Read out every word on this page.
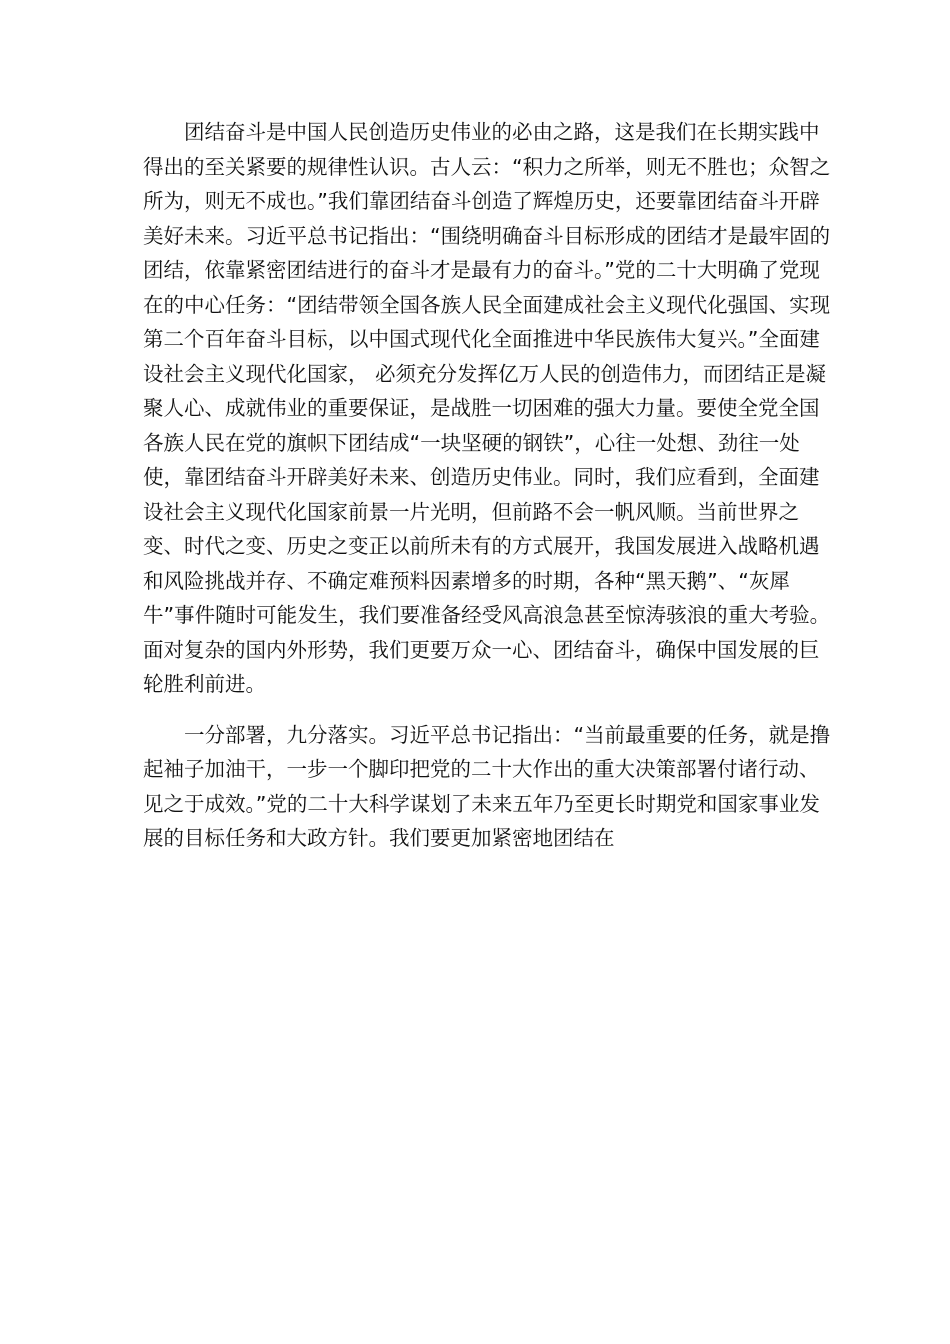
团结奋斗是中国人民创造历史伟业的必由之路，这是我们在长期实践中得出的至关紧要的规律性认识。古人云：“积力之所举，则无不胜也；众智之所为，则无不成也。”我们靠团结奋斗创造了辉煌历史，还要靠团结奋斗开辟美好未来。习近平总书记指出：“围绕明确奋斗目标形成的团结才是最牢固的团结，依靠紧密团结进行的奋斗才是最有力的奋斗。”党的二十大明确了党现在的中心任务：“团结带领全国各族人民全面建成社会主义现代化强国、实现第二个百年奋斗目标，以中国式现代化全面推进中华民族伟大复兴。”全面建设社会主义现代化国家， 必须充分发挥亿万人民的创造伟力，而团结正是凝聚人心、成就伟业的重要保证，是战胜一切困难的强大力量。要使全党全国各族人民在党的旗帜下团结成“一块坚硬的钢铁”，心往一处想、劲往一处使，靠团结奋斗开辟美好未来、创造历史伟业。同时，我们应看到，全面建设社会主义现代化国家前景一片光明，但前路不会一帆风顺。当前世界之变、时代之变、历史之变正以前所未有的方式展开，我国发展进入战略机遇和风险挑战并存、不确定难预料因素增多的时期，各种“黑天鹅”、“灰犀牛”事件随时可能发生，我们要准备经受风高浪急甚至惊涛骇浪的重大考验。面对复杂的国内外形势，我们更要万众一心、团结奋斗，确保中国发展的巨轮胜利前进。

一分部署，九分落实。习近平总书记指出：“当前最重要的任务，就是撸起袖子加油干，一步一个脚印把党的二十大作出的重大决策部署付诸行动、见之于成效。”党的二十大科学谋划了未来五年乃至更长时期党和国家事业发展的目标任务和大政方针。我们要更加紧密地团结在
